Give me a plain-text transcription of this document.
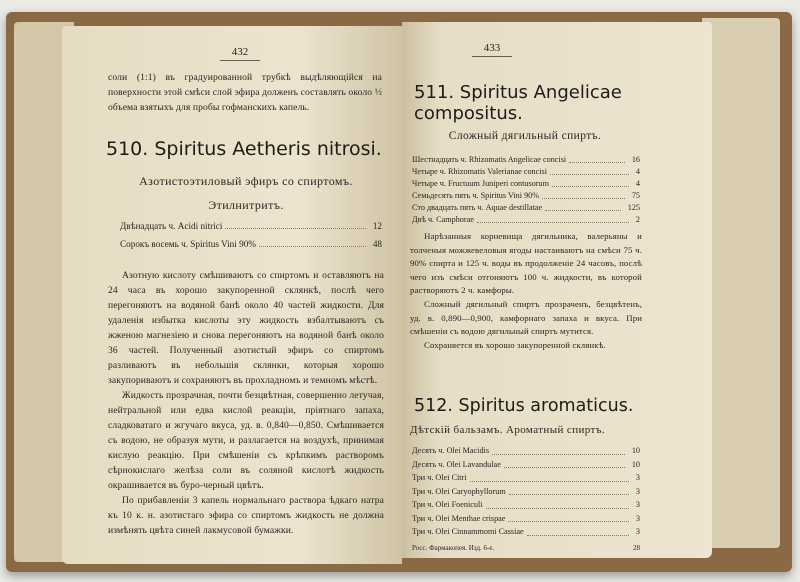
432

соли (1:1) въ градуированной трубкѣ выдѣляющійся на поверхности этой смѣси слой эфира долженъ составлять около ⅓ объема взятыхъ для пробы гофманскихъ капель.

510. Spiritus Aetheris nitrosi.
Азотистоэтиловый эфиръ со спиртомъ.
Этилнитритъ.
Двѣнадцать ч. Acidi nitrici	12
Сорокъ восемь ч. Spiritus Vini 90%	48

Азотную кислоту смѣшиваютъ со спиртомъ и оставляютъ на 24 часа въ хорошо закупоренной склянкѣ, послѣ чего перегоняютъ на водяной банѣ около 40 частей жидкости. Для удаленія избытка кислоты эту жидкость взбалтываютъ съ жженою магнезіею и снова перегоняютъ на водяной банѣ около 36 частей. Полученный азотистый эфиръ со спиртомъ разливаютъ въ небольшія склянки, которыя хорошо закупориваютъ и сохраняютъ въ прохладномъ и темномъ мѣстѣ.

Жидкость прозрачная, почти безцвѣтная, совершенно летучая, нейтральной или едва кислой реакціи, пріятнаго запаха, сладковатаго и жгучаго вкуса, уд. в. 0,840—0,850. Смѣшивается съ водою, не образуя мути, и разлагается на воздухѣ, принимая кислую реакцію. При смѣшеніи съ крѣпкимъ растворомъ сѣрнокислаго желѣза соли въ соляной кислотѣ жидкость окрашивается въ буро-черный цвѣтъ.

По прибавленіи 3 капель нормальнаго раствора ѣдкаго натра къ 10 к. н. азотистаго эфира со спиртомъ жидкость не должна измѣнять цвѣта синей лакмусовой бумажки.

433
511. Spiritus Angelicae compositus.
Сложный дягильный спиртъ.
Шестнадцать ч. Rhizomatis Angelicae concisi	16
Четыре ч. Rhizomatis Valerianae concisi	4
Четыре ч. Fructuum Juniperi contusorum	4
Семьдесять пять ч. Spiritus Vini 90%	75
Сто двадцать пять ч. Aquae destillatae	125
Двѣ ч. Camphorae	2

Нарѣзанныя корневища дягильника, валерьяны и толченыя можжевеловыя ягоды настаиваютъ на смѣси 75 ч. 90% спирта и 125 ч. воды въ продолженіе 24 часовъ, послѣ чего изъ смѣси отгоняютъ 100 ч. жидкости, въ которой растворяютъ 2 ч. камфоры.

Сложный дягильный спиртъ прозраченъ, безцвѣтенъ, уд. в. 0,890—0,900, камфорнаго запаха и вкуса. При смѣшеніи съ водою дягильный спиртъ мутится.

Сохраняется въ хорошо закупоренной склянкѣ.

512. Spiritus aromaticus.
Дѣтскій бальзамъ. Ароматный спиртъ.
Десять ч. Olei Macidis	10
Десять ч. Olei Lavandulae	10
Три ч. Olei Citri	3
Три ч. Olei Caryophyllorum	3
Три ч. Olei Foeniculi	3
Три ч. Olei Menthae crispae	3
Три ч. Olei Cinnammomi Cassiae	3
Росс. Фармакопея. Изд. 6-е.	28
